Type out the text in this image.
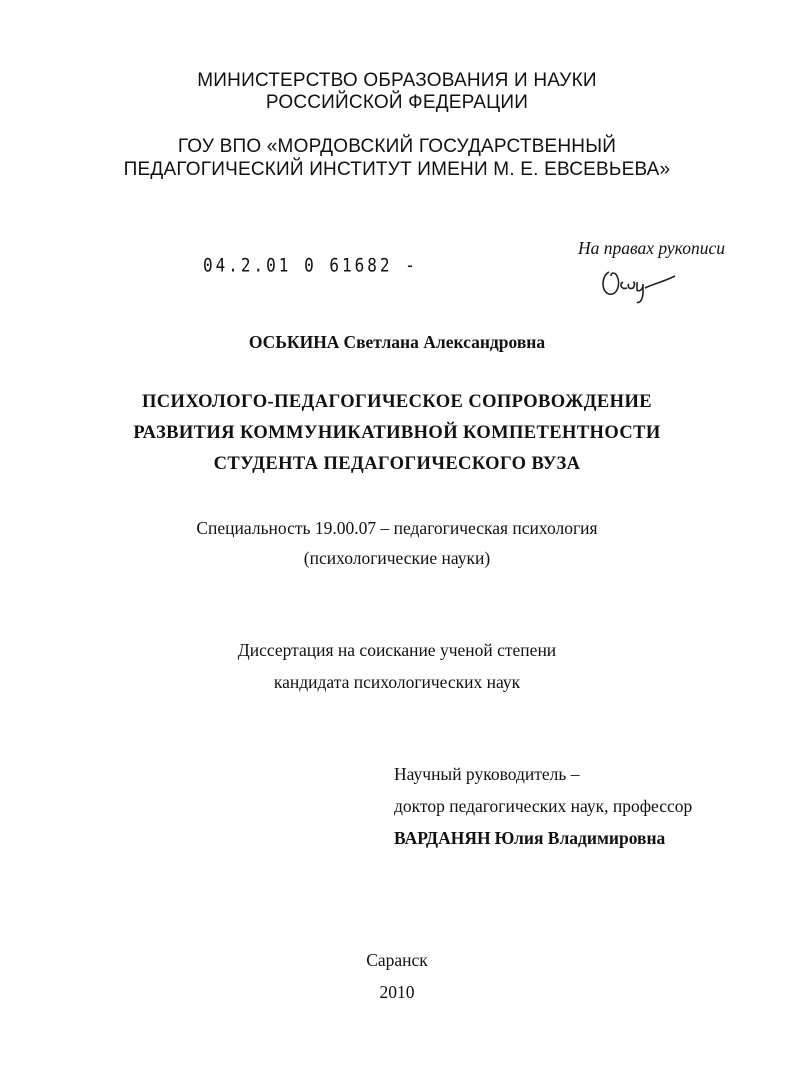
МИНИСТЕРСТВО ОБРАЗОВАНИЯ И НАУКИ
РОССИЙСКОЙ ФЕДЕРАЦИИ
ГОУ ВПО «МОРДОВСКИЙ ГОСУДАРСТВЕННЫЙ
ПЕДАГОГИЧЕСКИЙ ИНСТИТУТ ИМЕНИ М. Е. ЕВСЕВЬЕВА»
04.2.01 0 61682 -
На правах рукописи
ОСЬКИНА Светлана Александровна
ПСИХОЛОГО-ПЕДАГОГИЧЕСКОЕ СОПРОВОЖДЕНИЕ
РАЗВИТИЯ КОММУНИКАТИВНОЙ КОМПЕТЕНТНОСТИ
СТУДЕНТА ПЕДАГОГИЧЕСКОГО ВУЗА
Специальность 19.00.07 – педагогическая психология
(психологические науки)
Диссертация на соискание ученой степени
кандидата психологических наук
Научный руководитель –
доктор педагогических наук, профессор
ВАРДАНЯН Юлия Владимировна
Саранск
2010
